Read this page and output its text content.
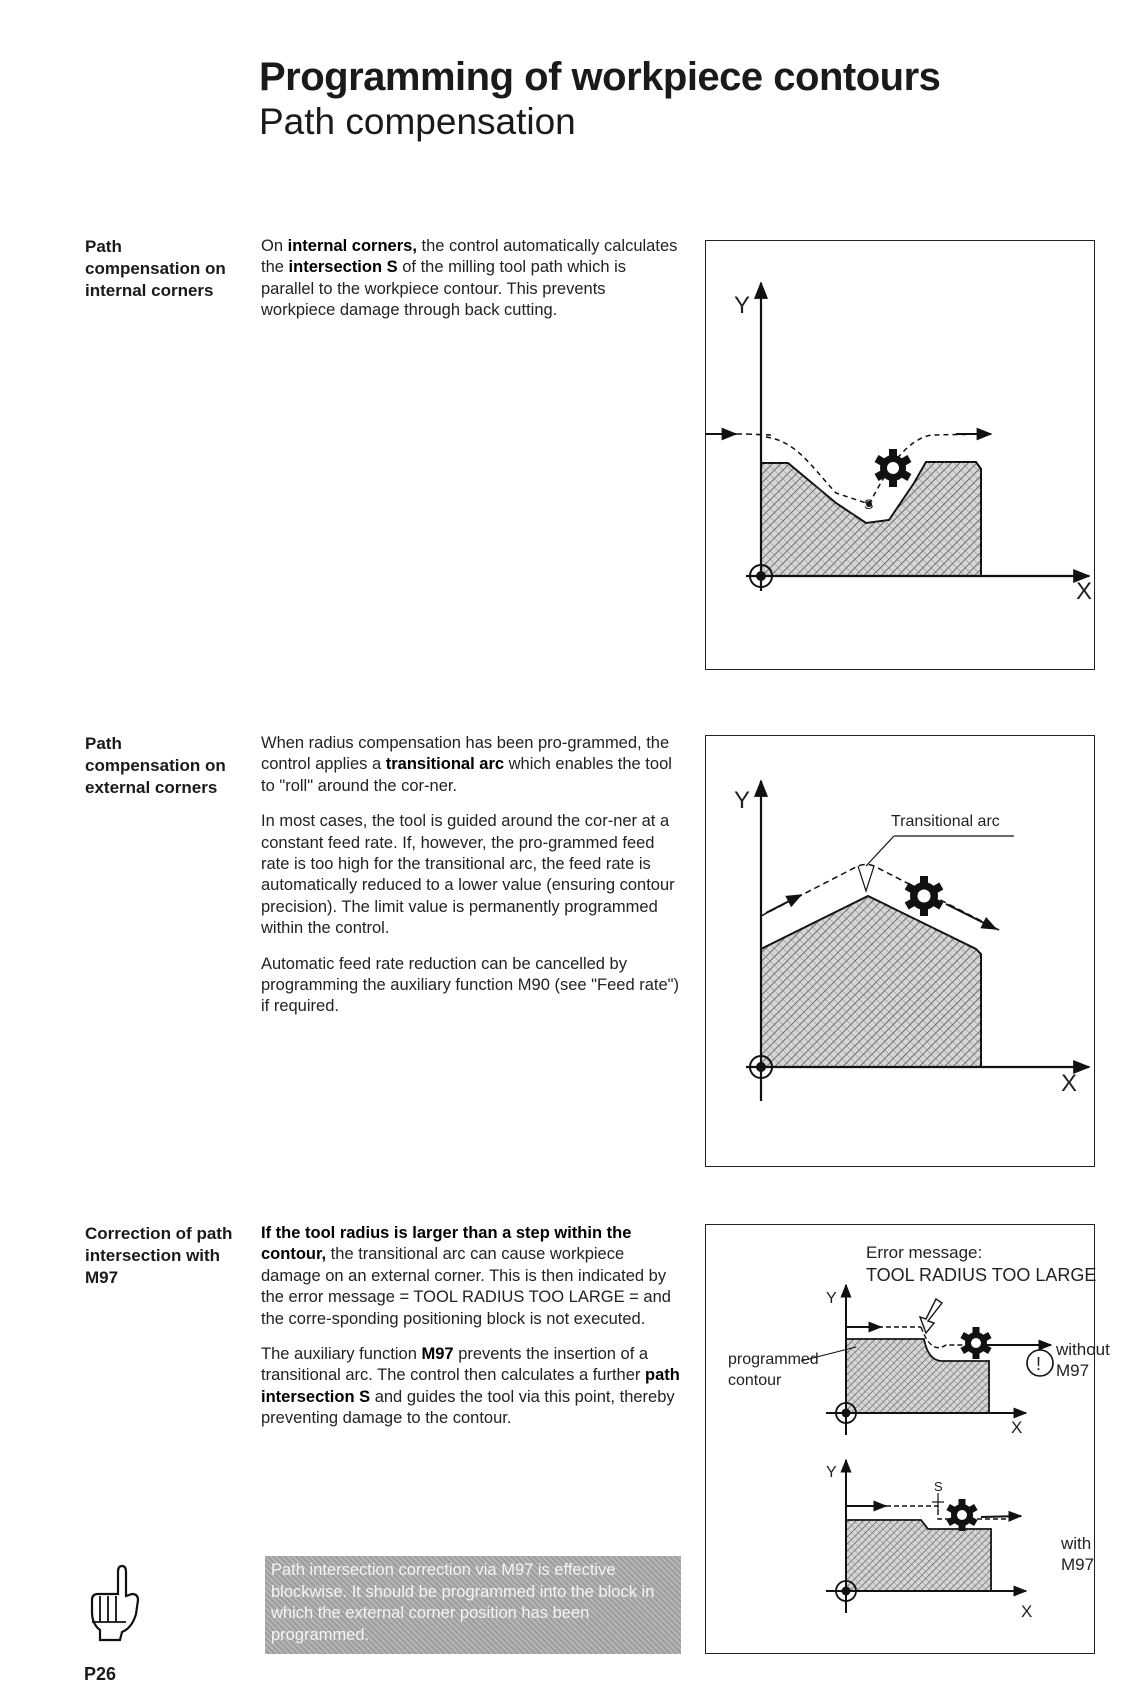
Programming of workpiece contours
Path compensation
Path compensation on internal corners

On internal corners, the control automatically calculates the intersection S of the milling tool path which is parallel to the workpiece contour. This prevents workpiece damage through back cutting.	Y
X
S
Path compensation on external corners

When radius compensation has been pro-grammed, the control applies a transitional arc which enables the tool to "roll" around the cor-ner.

In most cases, the tool is guided around the cor-ner at a constant feed rate. If, however, the pro-grammed feed rate is too high for the transitional arc, the feed rate is automatically reduced to a lower value (ensuring contour precision). The limit value is permanently programmed within the control.

Automatic feed rate reduction can be cancelled by programming the auxiliary function M90 (see "Feed rate") if required.

Y
X
Transitional arc
Correction of path intersection with M97

If the tool radius is larger than a step within the contour, the transitional arc can cause workpiece damage on an external corner. This is then indicated by the error message = TOOL RADIUS TOO LARGE = and the corre-sponding positioning block is not executed.

The auxiliary function M97 prevents the insertion of a transitional arc. The control then calculates a further path intersection S and guides the tool via this point, thereby preventing damage to the contour.

Error message:
TOOL RADIUS TOO LARGE
Y
programmed
contour
!
without
M97
X
Y
S
with
M97
X
Path intersection correction via M97 is effective blockwise. It should be programmed into the block in which the external corner position has been programmed.
P26
